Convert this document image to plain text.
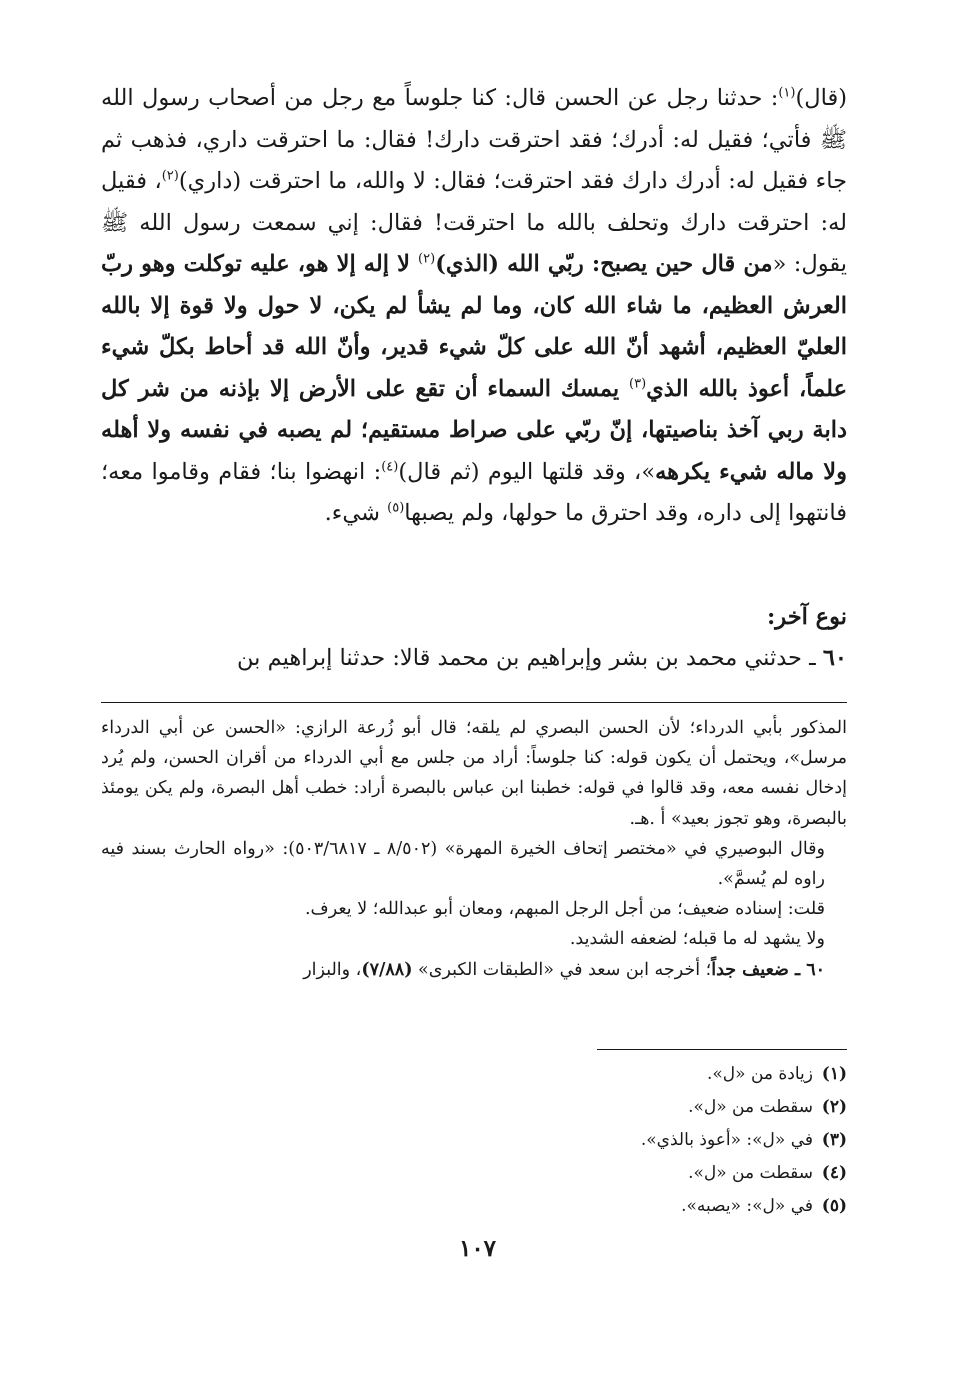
(قال)$^{(١)}$: حدثنا رجل عن الحسن قال: كنا جلوساً مع رجل من أصحاب رسول الله ﷺ فأتي؛ فقيل له: أدرك؛ فقد احترقت دارك! فقال: ما احترقت داري، فذهب ثم جاء فقيل له: أدرك دارك فقد احترقت؛ فقال: لا والله، ما احترقت (داري)$^{(٢)}$، فقيل له: احترقت دارك وتحلف بالله ما احترقت! فقال: إني سمعت رسول الله ﷺ يقول: «من قال حين يصبح: ربّي الله (الذي)$^{(٢)}$ لا إله إلا هو، عليه توكلت وهو ربّ العرش العظيم، ما شاء الله كان، وما لم يشأ لم يكن، لا حول ولا قوة إلا بالله العليّ العظيم، أشهد أنّ الله على كلّ شيء قدير، وأنّ الله قد أحاط بكلّ شيء علماً، أعوذ بالله الذي$^{(٣)}$ يمسك السماء أن تقع على الأرض إلا بإذنه من شر كل دابة ربي آخذ بناصيتها، إنّ ربّي على صراط مستقيم؛ لم يصبه في نفسه ولا أهله ولا ماله شيء يكرهه»، وقد قلتها اليوم (ثم قال)$^{(٤)}$: انهضوا بنا؛ فقام وقاموا معه؛ فانتهوا إلى داره، وقد احترق ما حولها، ولم يصبها$^{(٥)}$ شيء.

نوع آخر:
٦٠ ـ حدثني محمد بن بشر وإبراهيم بن محمد قالا: حدثنا إبراهيم بن

المذكور بأبي الدرداء؛ لأن الحسن البصري لم يلقه؛ قال أبو زُرعة الرازي: «الحسن عن أبي الدرداء مرسل»، ويحتمل أن يكون قوله: كنا جلوساً: أراد من جلس مع أبي الدرداء من أقران الحسن، ولم يُرد إدخال نفسه معه، وقد قالوا في قوله: خطبنا ابن عباس بالبصرة أراد: خطب أهل البصرة، ولم يكن يومئذ بالبصرة، وهو تجوز بعيد» أ .هـ.

وقال البوصيري في «مختصر إتحاف الخيرة المهرة» (٨/٥٠٢ ـ ٥٠٣/٦٨١٧): «رواه الحارث بسند فيه راوه لم يُسمَّ».

قلت: إسناده ضعيف؛ من أجل الرجل المبهم، ومعان أبو عبدالله؛ لا يعرف.

ولا يشهد له ما قبله؛ لضعفه الشديد.

٦٠ ـ ضعيف جداً؛ أخرجه ابن سعد في «الطبقات الكبرى» (٧/٨٨)، والبزار

(١)زيادة من «ل».
(٢)سقطت من «ل».
(٣)في «ل»: «أعوذ بالذي».
(٤)سقطت من «ل».
(٥)في «ل»: «يصبه».
١٠٧
